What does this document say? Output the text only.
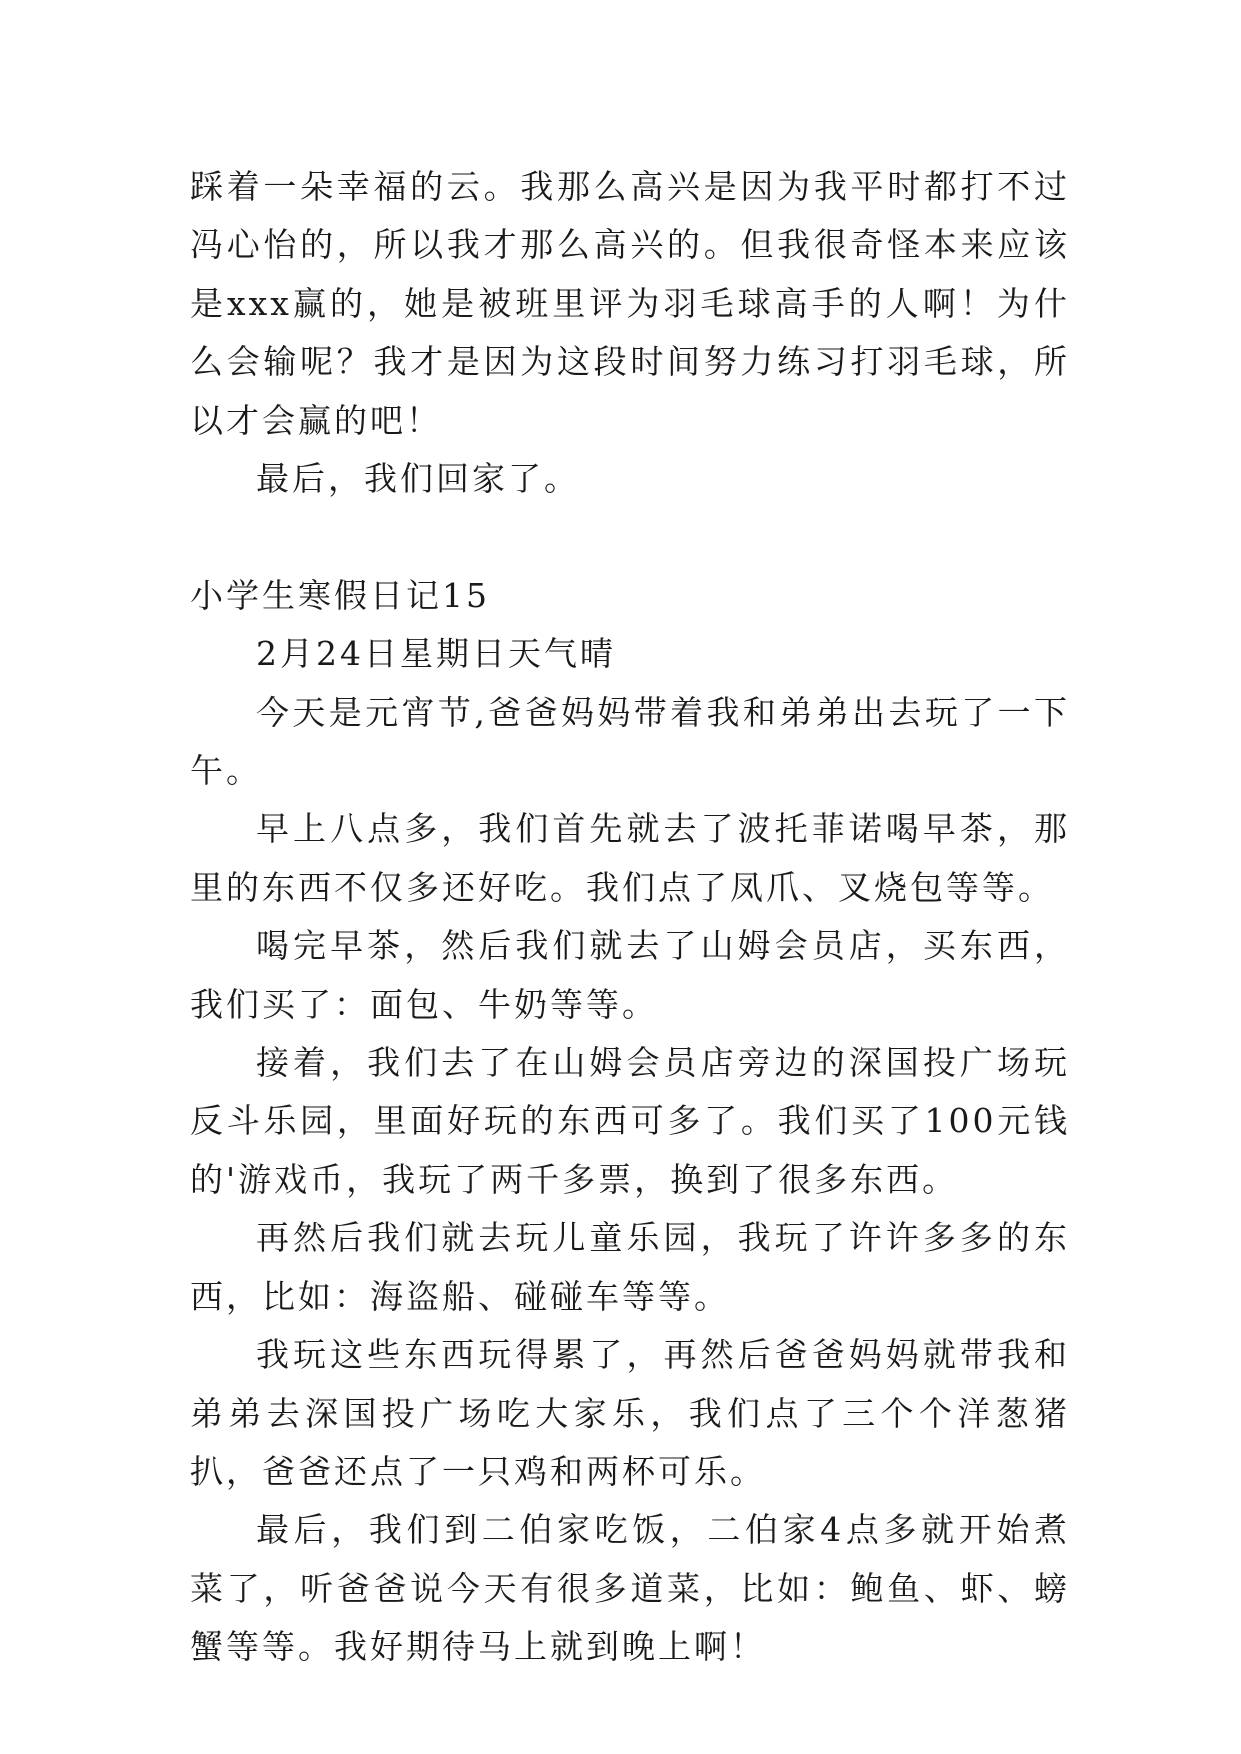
踩着一朵幸福的云。我那么高兴是因为我平时都打不过冯心怡的，所以我才那么高兴的。但我很奇怪本来应该是xxx赢的，她是被班里评为羽毛球高手的人啊！为什么会输呢？我才是因为这段时间努力练习打羽毛球，所以才会赢的吧！

最后，我们回家了。

小学生寒假日记15

2月24日星期日天气晴

今天是元宵节,爸爸妈妈带着我和弟弟出去玩了一下午。

早上八点多，我们首先就去了波托菲诺喝早茶，那里的东西不仅多还好吃。我们点了凤爪、叉烧包等等。

喝完早茶，然后我们就去了山姆会员店，买东西，我们买了：面包、牛奶等等。

接着，我们去了在山姆会员店旁边的深国投广场玩反斗乐园，里面好玩的东西可多了。我们买了100元钱的'游戏币，我玩了两千多票，换到了很多东西。

再然后我们就去玩儿童乐园，我玩了许许多多的东西，比如：海盗船、碰碰车等等。

我玩这些东西玩得累了，再然后爸爸妈妈就带我和弟弟去深国投广场吃大家乐，我们点了三个个洋葱猪扒，爸爸还点了一只鸡和两杯可乐。

最后，我们到二伯家吃饭，二伯家4点多就开始煮菜了，听爸爸说今天有很多道菜，比如：鲍鱼、虾、螃蟹等等。我好期待马上就到晚上啊！
